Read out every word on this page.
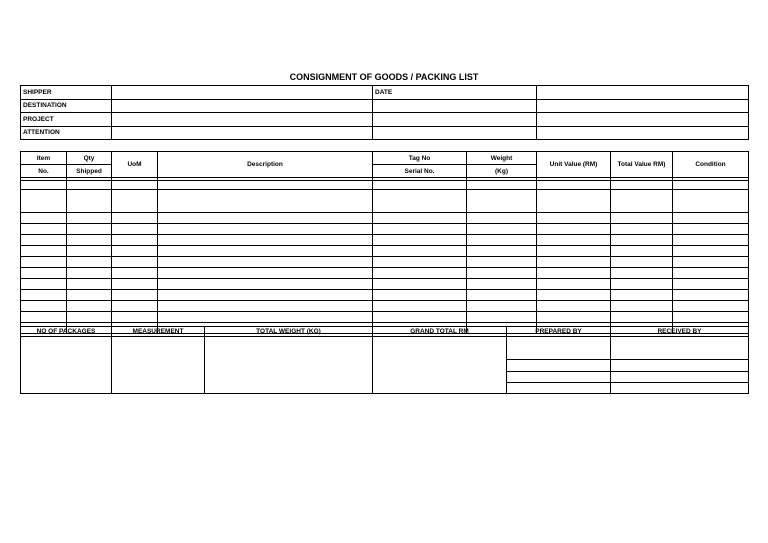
CONSIGNMENT OF GOODS / PACKING LIST
SHIPPER		DATE	
DESTINATION			
PROJECT			
ATTENTION			
Item	Qty	UoM	Description	Tag No	Weight	Unit Value (RM)	Total Value RM)	Condition
No.	Shipped			Serial No.	(Kg)			

NO OF PACKAGES	MEASUREMENT	TOTAL WEIGHT (KG)	GRAND TOTAL RM	PREPARED BY	RECEIVED BY
